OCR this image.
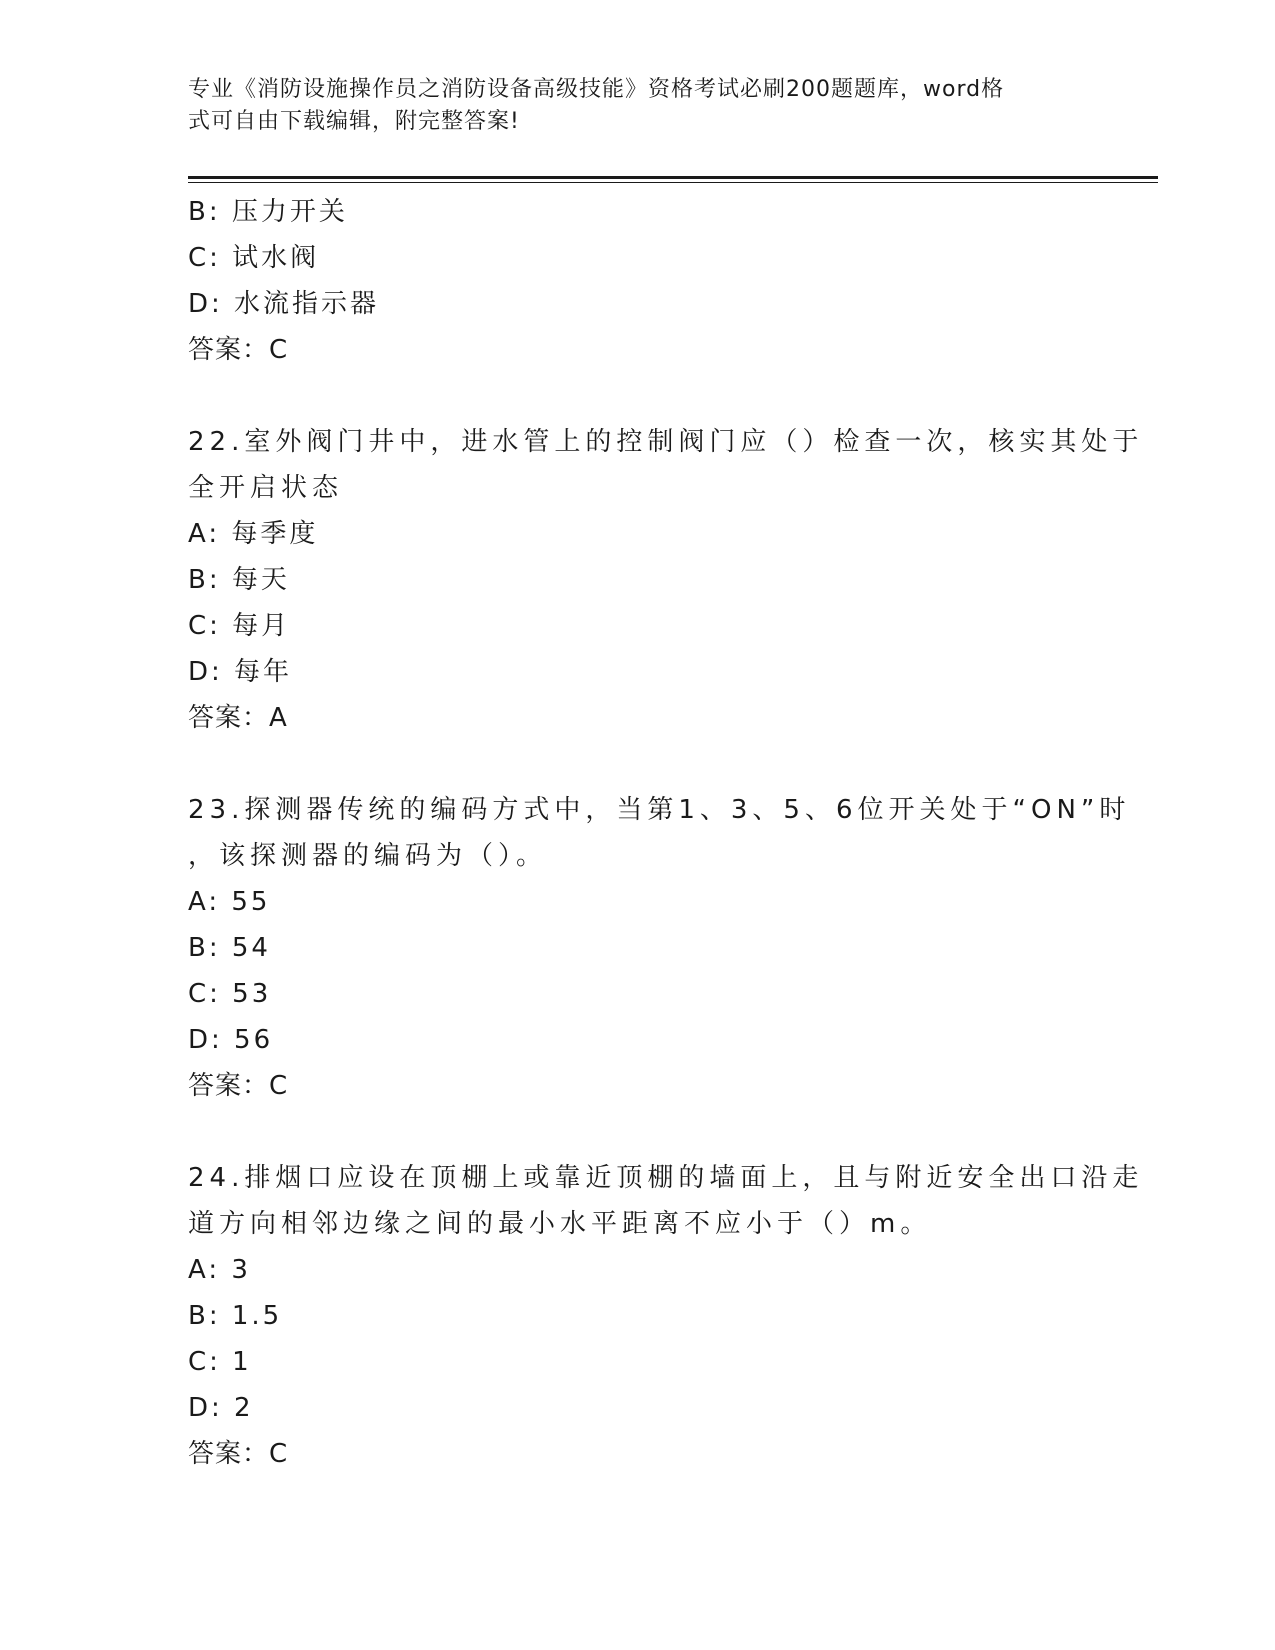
专业《消防设施操作员之消防设备高级技能》资格考试必刷200题题库，word格
式可自由下载编辑，附完整答案!
B: 压力开关
C: 试水阀
D: 水流指示器
答案：C
22.室外阀门井中，进水管上的控制阀门应（）检查一次，核实其处于
全开启状态
A: 每季度
B: 每天
C: 每月
D: 每年
答案：A
23.探测器传统的编码方式中，当第1、3、5、6位开关处于“ON”时
，该探测器的编码为（）。
A: 55
B: 54
C: 53
D: 56
答案：C
24.排烟口应设在顶棚上或靠近顶棚的墙面上，且与附近安全出口沿走
道方向相邻边缘之间的最小水平距离不应小于（）m。
A: 3
B: 1.5
C: 1
D: 2
答案：C
